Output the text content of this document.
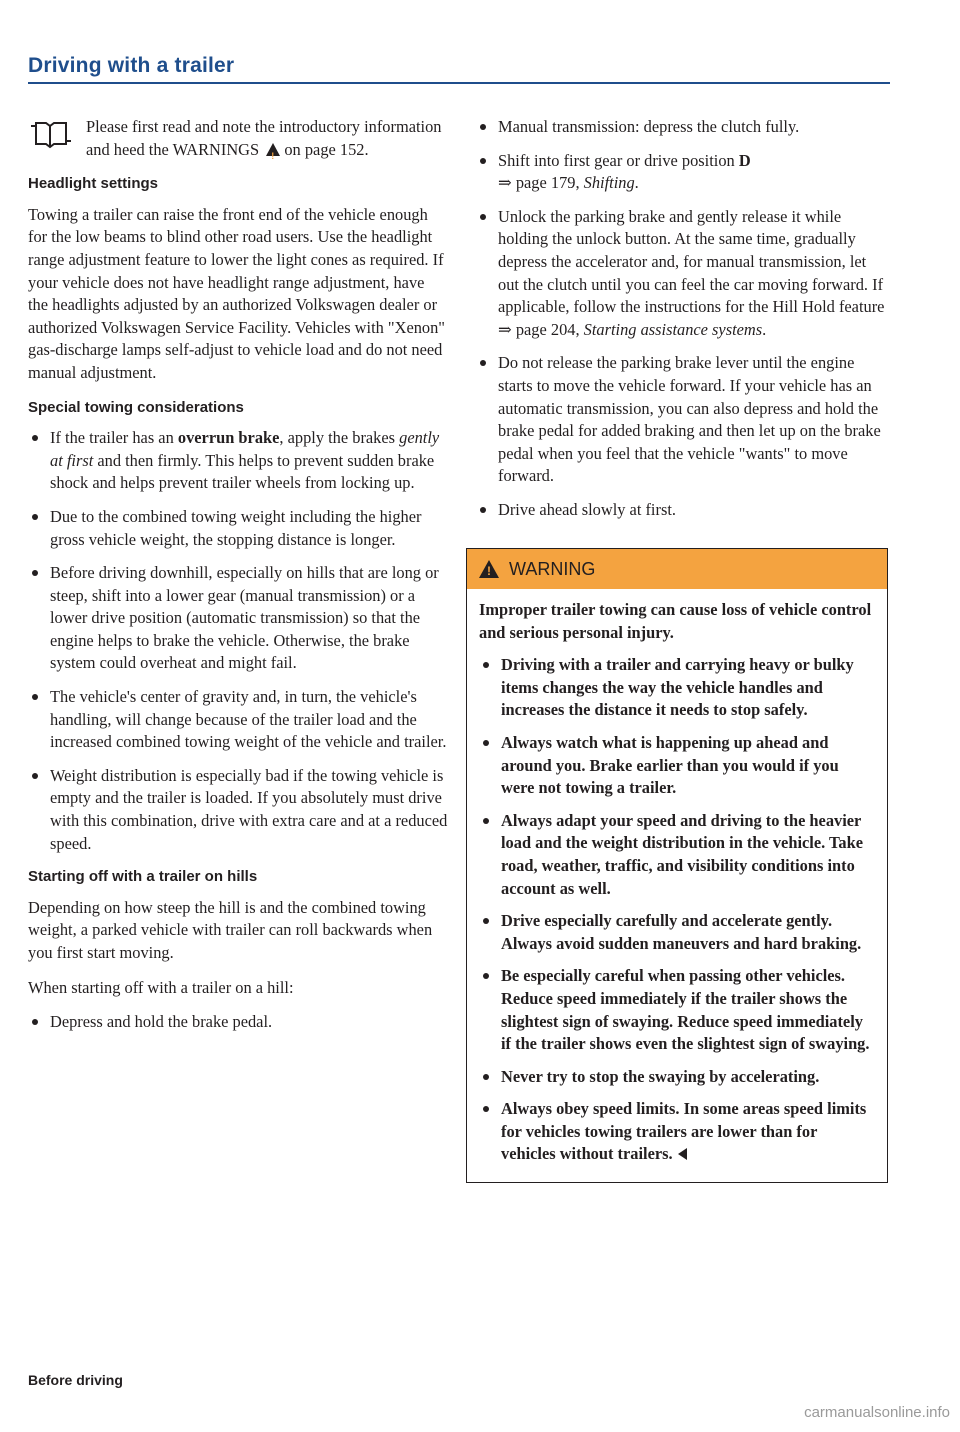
Driving with a trailer

Please first read and note the introductory information and heed the WARNINGS ! on page 152.

Headlight settings

Towing a trailer can raise the front end of the vehicle enough for the low beams to blind other road users. Use the headlight range adjustment feature to lower the light cones as required. If your vehicle does not have headlight range adjustment, have the headlights adjusted by an authorized Volkswagen dealer or authorized Volkswagen Service Facility. Vehicles with "Xenon" gas-discharge lamps self-adjust to vehicle load and do not need manual adjustment.

Special towing considerations
If the trailer has an overrun brake, apply the brakes gently at first and then firmly. This helps to prevent sudden brake shock and helps prevent trailer wheels from locking up.
Due to the combined towing weight including the higher gross vehicle weight, the stopping distance is longer.
Before driving downhill, especially on hills that are long or steep, shift into a lower gear (manual transmission) or a lower drive position (automatic transmission) so that the engine helps to brake the vehicle. Otherwise, the brake system could overheat and might fail.
The vehicle's center of gravity and, in turn, the vehicle's handling, will change because of the trailer load and the increased combined towing weight of the vehicle and trailer.
Weight distribution is especially bad if the towing vehicle is empty and the trailer is loaded. If you absolutely must drive with this combination, drive with extra care and at a reduced speed.
Starting off with a trailer on hills

Depending on how steep the hill is and the combined towing weight, a parked vehicle with trailer can roll backwards when you first start moving.

When starting off with a trailer on a hill:

Depress and hold the brake pedal.
Manual transmission: depress the clutch fully.
Shift into first gear or drive position D
⇒ page 179, Shifting.
Unlock the parking brake and gently release it while holding the unlock button. At the same time, gradually depress the accelerator and, for manual transmission, let out the clutch until you can feel the car moving forward. If applicable, follow the instructions for the Hill Hold feature ⇒ page 204, Starting assistance systems.
Do not release the parking brake lever until the engine starts to move the vehicle forward. If your vehicle has an automatic transmission, you can also depress and hold the brake pedal for added braking and then let up on the brake pedal when you feel that the vehicle "wants" to move forward.
Drive ahead slowly at first.
!
WARNING

Improper trailer towing can cause loss of vehicle control and serious personal injury.

Driving with a trailer and carrying heavy or bulky items changes the way the vehicle handles and increases the distance it needs to stop safely.
Always watch what is happening up ahead and around you. Brake earlier than you would if you were not towing a trailer.
Always adapt your speed and driving to the heavier load and the weight distribution in the vehicle. Take road, weather, traffic, and visibility conditions into account as well.
Drive especially carefully and accelerate gently. Always avoid sudden maneuvers and hard braking.
Be especially careful when passing other vehicles. Reduce speed immediately if the trailer shows the slightest sign of swaying. Reduce speed immediately if the trailer shows even the slightest sign of swaying.
Never try to stop the swaying by accelerating.
Always obey speed limits. In some areas speed limits for vehicles towing trailers are lower than for vehicles without trailers.
Before driving
carmanualsonline.info
